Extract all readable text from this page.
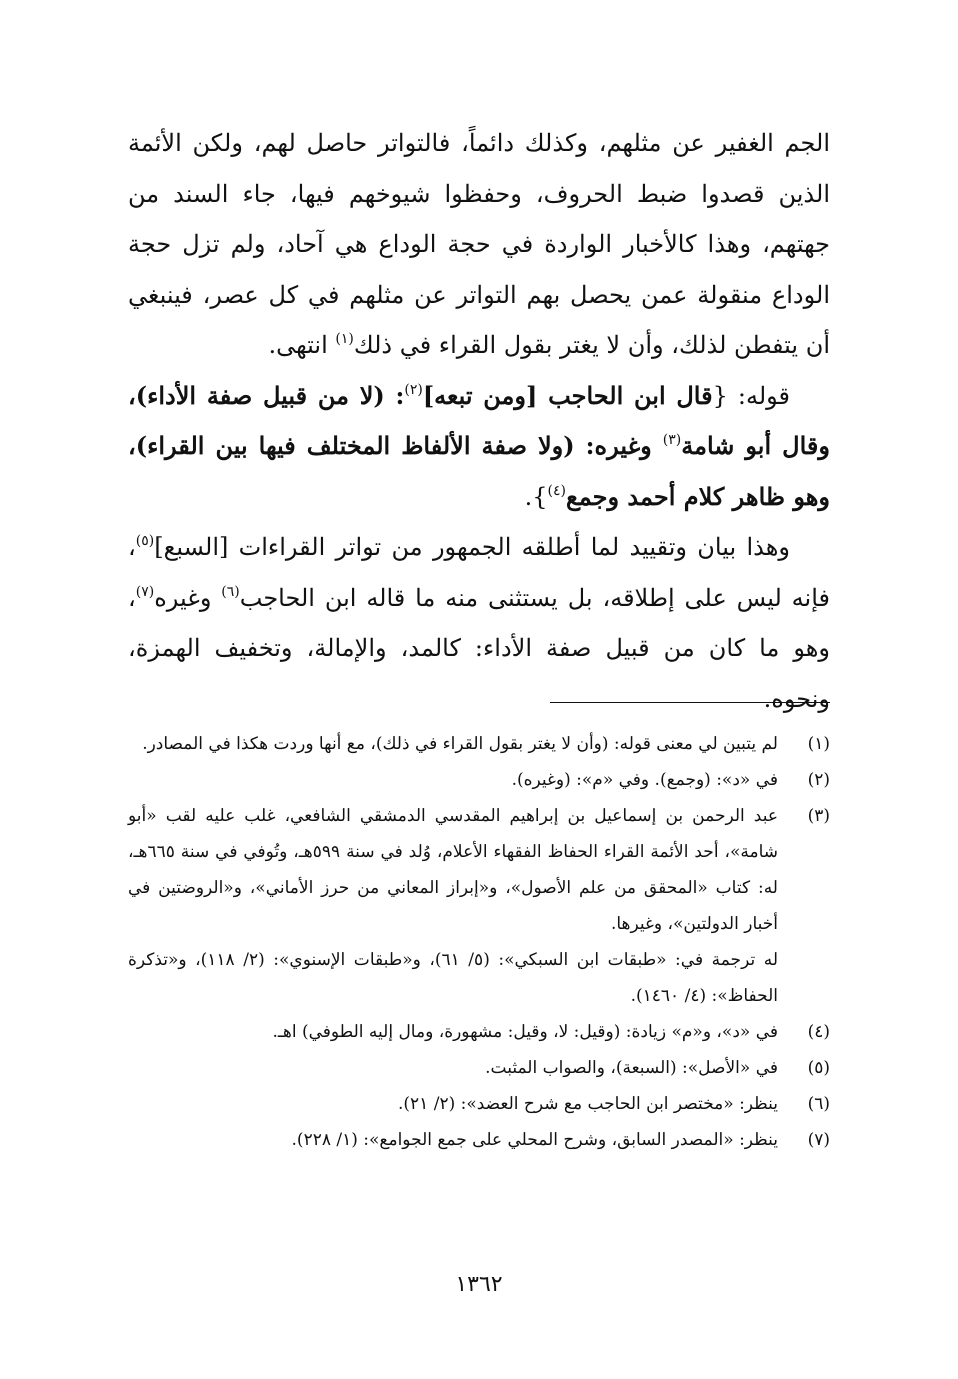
الجم الغفير عن مثلهم، وكذلك دائماً، فالتواتر حاصل لهم، ولكن الأئمة الذين قصدوا ضبط الحروف، وحفظوا شيوخهم فيها، جاء السند من جهتهم، وهذا كالأخبار الواردة في حجة الوداع هي آحاد، ولم تزل حجة الوداع منقولة عمن يحصل بهم التواتر عن مثلهم في كل عصر، فينبغي أن يتفطن لذلك، وأن لا يغتر بقول القراء في ذلك$^{(١)}$ انتهى.

قوله: {قال ابن الحاجب [ومن تبعه]$^{(٢)}$: (لا من قبيل صفة الأداء)، وقال أبو شامة$^{(٣)}$ وغيره: (ولا صفة الألفاظ المختلف فيها بين القراء)، وهو ظاهر كلام أحمد وجمع$^{(٤)}$}.

وهذا بيان وتقييد لما أطلقه الجمهور من تواتر القراءات [السبع]$^{(٥)}$، فإنه ليس على إطلاقه، بل يستثنى منه ما قاله ابن الحاجب$^{(٦)}$ وغيره$^{(٧)}$، وهو ما كان من قبيل صفة الأداء: كالمد، والإمالة، وتخفيف الهمزة، ونحوه.

(١)

لم يتبين لي معنى قوله: (وأن لا يغتر بقول القراء في ذلك)، مع أنها وردت هكذا في المصادر.

(٢)

في «د»: (وجمع). وفي «م»: (وغيره).

(٣)

عبد الرحمن بن إسماعيل بن إبراهيم المقدسي الدمشقي الشافعي، غلب عليه لقب «أبو شامة»، أحد الأئمة القراء الحفاظ الفقهاء الأعلام، وُلد في سنة ٥٩٩هـ، وتُوفي في سنة ٦٦٥هـ، له: كتاب «المحقق من علم الأصول»، و«إبراز المعاني من حرز الأماني»، و«الروضتين في أخبار الدولتين»، وغيرها.

له ترجمة في: «طبقات ابن السبكي»: (٥/ ٦١)، و«طبقات الإسنوي»: (٢/ ١١٨)، و«تذكرة الحفاظ»: (٤/ ١٤٦٠).

(٤)

في «د»، و«م» زيادة: (وقيل: لا، وقيل: مشهورة، ومال إليه الطوفي) اهـ.

(٥)

في «الأصل»: (السبعة)، والصواب المثبت.

(٦)

ينظر: «مختصر ابن الحاجب مع شرح العضد»: (٢/ ٢١).

(٧)

ينظر: «المصدر السابق، وشرح المحلي على جمع الجوامع»: (١/ ٢٢٨).

١٣٦٢
